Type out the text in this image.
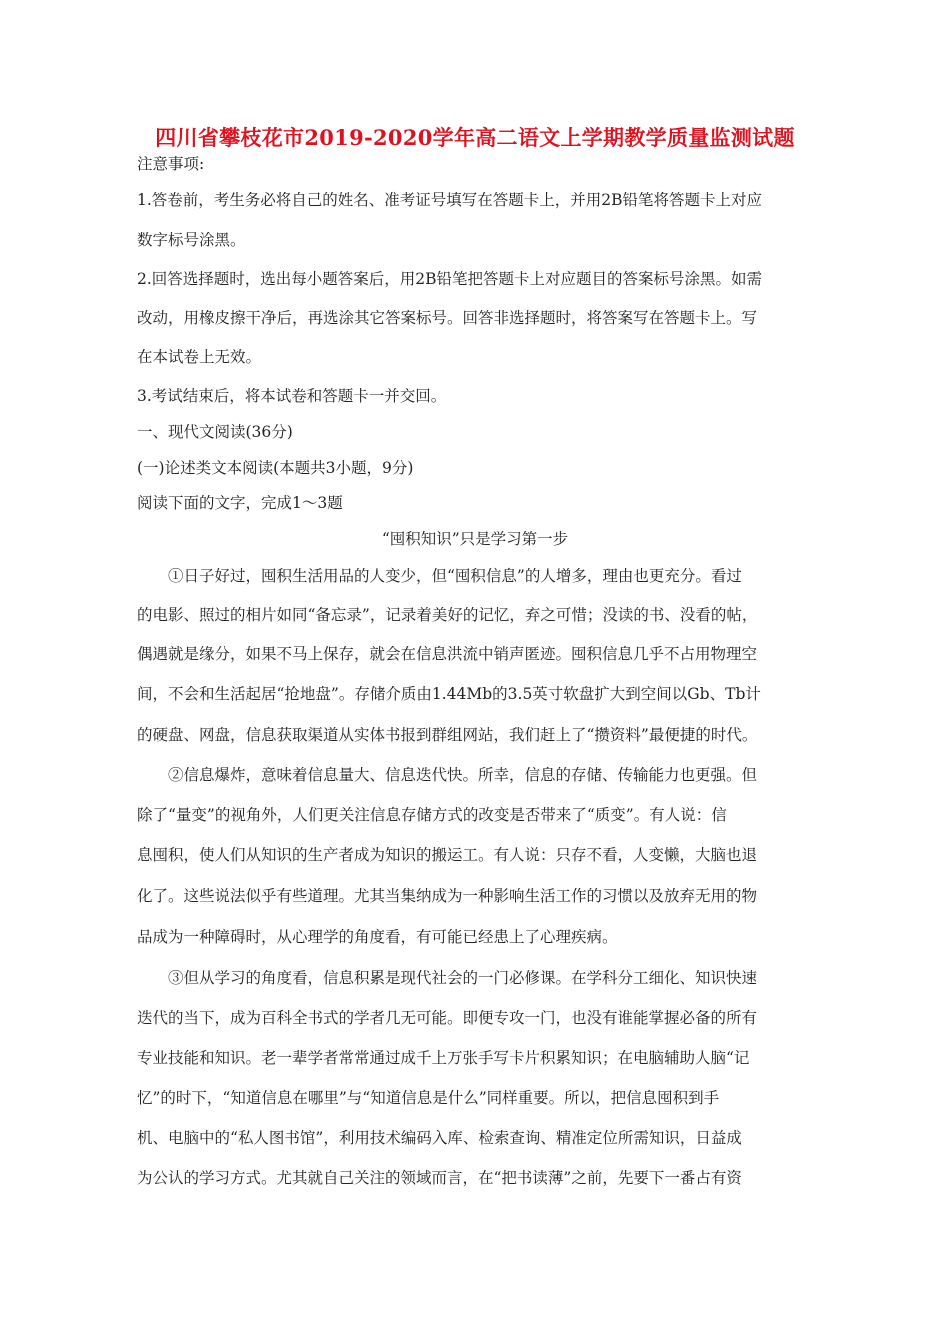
四川省攀枝花市2019-2020学年高二语文上学期教学质量监测试题
注意事项:
1.答卷前，考生务必将自己的姓名、准考证号填写在答题卡上，并用2B铅笔将答题卡上对应
数字标号涂黑。
2.回答选择题时，选出每小题答案后，用2B铅笔把答题卡上对应题目的答案标号涂黑。如需
改动，用橡皮擦干净后，再选涂其它答案标号。回答非选择题时，将答案写在答题卡上。写
在本试卷上无效。
3.考试结束后，将本试卷和答题卡一并交回。
一、现代文阅读(36分)
(一)论述类文本阅读(本题共3小题，9分)
阅读下面的文字，完成1～3题
“囤积知识”只是学习第一步
①日子好过，囤积生活用品的人变少，但“囤积信息”的人增多，理由也更充分。看过
的电影、照过的相片如同“备忘录”，记录着美好的记忆，弃之可惜；没读的书、没看的帖，
偶遇就是缘分，如果不马上保存，就会在信息洪流中销声匿迹。囤积信息几乎不占用物理空
间，不会和生活起居“抢地盘”。存储介质由1.44Mb的3.5英寸软盘扩大到空间以Gb、Tb计
的硬盘、网盘，信息获取渠道从实体书报到群组网站，我们赶上了“攒资料”最便捷的时代。
②信息爆炸，意味着信息量大、信息迭代快。所幸，信息的存储、传输能力也更强。但
除了“量变”的视角外，人们更关注信息存储方式的改变是否带来了“质变”。有人说：信
息囤积，使人们从知识的生产者成为知识的搬运工。有人说：只存不看，人变懒，大脑也退
化了。这些说法似乎有些道理。尤其当集纳成为一种影响生活工作的习惯以及放弃无用的物
品成为一种障碍时，从心理学的角度看，有可能已经患上了心理疾病。
③但从学习的角度看，信息积累是现代社会的一门必修课。在学科分工细化、知识快速
迭代的当下，成为百科全书式的学者几无可能。即便专攻一门，也没有谁能掌握必备的所有
专业技能和知识。老一辈学者常常通过成千上万张手写卡片积累知识；在电脑辅助人脑“记
忆”的时下，“知道信息在哪里”与“知道信息是什么”同样重要。所以，把信息囤积到手
机、电脑中的“私人图书馆”，利用技术编码入库、检索查询、精准定位所需知识，日益成
为公认的学习方式。尤其就自己关注的领域而言，在“把书读薄”之前，先要下一番占有资
